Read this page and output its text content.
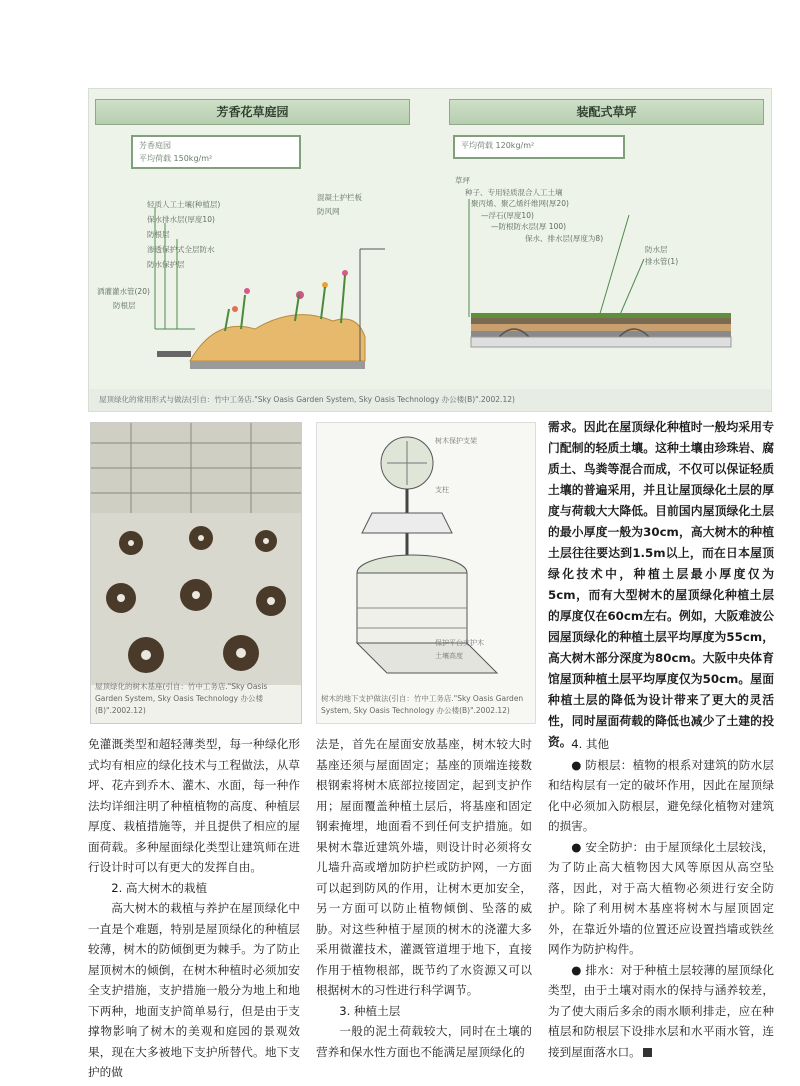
芳香花草庭园
芳香庭园
平均荷载 150kg/m²
轻质人工土壤(种植层)
保水排水层(厚度10)
防根层
渗透保护式全层防水
防水保护层
洒灌灌水管(20)
防根层
混凝土护栏板
防风网
装配式草坪
平均荷载 120kg/m²
草坪
种子、专用轻质混合人工土壤
聚丙烯、聚乙烯纤维网(厚20)
—浮石(厚度10)
—防根防水层(厚 100)
保水、排水层(厚度为8)
防水层
排水管(1)
屋顶绿化的常用形式与做法(引自：竹中工务店."Sky Oasis Garden System, Sky Oasis Technology 办公楼(B)".2002.12)
屋顶绿化的树木基座(引自：竹中工务店."Sky Oasis Garden System, Sky Oasis Technology 办公楼(B)".2002.12)
树木保护支架
支柱
保护平台支护木
土壤高度
树木的地下支护做法(引自：竹中工务店."Sky Oasis Garden System, Sky Oasis Technology 办公楼(B)".2002.12)

需求。因此在屋顶绿化种植时一般均采用专门配制的轻质土壤。这种土壤由珍珠岩、腐质土、鸟粪等混合而成，不仅可以保证轻质土壤的普遍采用，并且让屋顶绿化土层的厚度与荷载大大降低。目前国内屋顶绿化土层的最小厚度一般为30cm，高大树木的种植土层往往要达到1.5m以上，而在日本屋顶绿化技术中，种植土层最小厚度仅为5cm，而有大型树木的屋顶绿化种植土层的厚度仅在60cm左右。例如，大阪难波公园屋顶绿化的种植土层平均厚度为55cm，高大树木部分深度为80cm。大阪中央体育馆屋顶种植土层平均厚度仅为50cm。屋面种植土层的降低为设计带来了更大的灵活性，同时屋面荷载的降低也减少了土建的投资。

免灌溉类型和超轻薄类型，每一种绿化形式均有相应的绿化技术与工程做法，从草坪、花卉到乔木、灌木、水面，每一种作法均详细注明了种植植物的高度、种植层厚度、栽植措施等，并且提供了相应的屋面荷载。多种屋面绿化类型让建筑师在进行设计时可以有更大的发挥自由。

2. 高大树木的栽植

高大树木的栽植与养护在屋顶绿化中一直是个难题，特别是屋顶绿化的种植层较薄，树木的防倾倒更为棘手。为了防止屋顶树木的倾倒，在树木种植时必须加安全支护措施，支护措施一般分为地上和地下两种，地面支护简单易行，但是由于支撑物影响了树木的美观和庭园的景观效果，现在大多被地下支护所替代。地下支护的做

法是，首先在屋面安放基座，树木较大时基座还须与屋面固定；基座的顶端连接数根钢索将树木底部拉接固定，起到支护作用；屋面覆盖种植土层后，将基座和固定钢索掩埋，地面看不到任何支护措施。如果树木靠近建筑外墙，则设计时必须将女儿墙升高或增加防护栏或防护网，一方面可以起到防风的作用，让树木更加安全，另一方面可以防止植物倾倒、坠落的威胁。对这些种植于屋顶的树木的浇灌大多采用微灌技术，灌溉管道埋于地下，直接作用于植物根部，既节约了水资源又可以根据树木的习性进行科学调节。

3. 种植土层

一般的泥土荷载较大，同时在土壤的营养和保水性方面也不能满足屋顶绿化的

4. 其他

● 防根层：植物的根系对建筑的防水层和结构层有一定的破坏作用，因此在屋顶绿化中必须加入防根层，避免绿化植物对建筑的损害。

● 安全防护：由于屋顶绿化土层较浅，为了防止高大植物因大风等原因从高空坠落，因此，对于高大植物必须进行安全防护。除了利用树木基座将树木与屋顶固定外，在靠近外墙的位置还应设置挡墙或铁丝网作为防护构件。

● 排水：对于种植土层较薄的屋顶绿化类型，由于土壤对雨水的保持与涵养较差，为了使大雨后多余的雨水顺利排走，应在种植层和防根层下设排水层和水平雨水管，连接到屋面落水口。
